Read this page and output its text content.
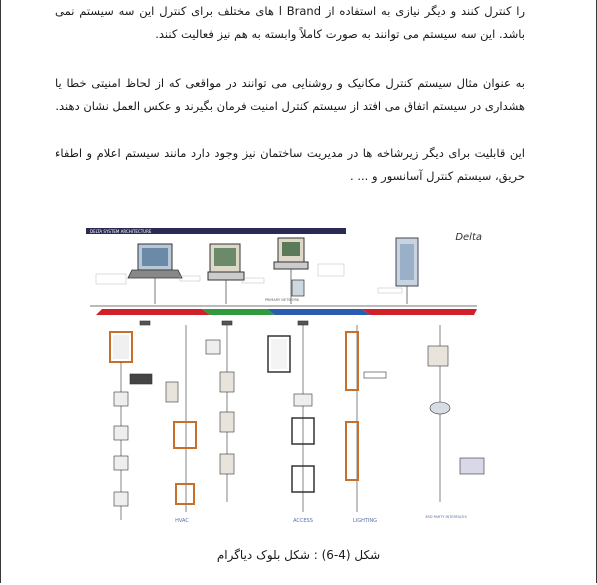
را کنترل کنند و دیگر نیازی به استفاده از l Brand های مختلف برای کنترل این سه سیستم نمی باشد. این سه سیستم می توانند به صورت کاملاً وابسته به هم نیز فعالیت کنند.
به عنوان مثال سیستم کنترل مکانیک و روشنایی می توانند در مواقعی که از لحاظ امنیتی خطا یا هشداری در سیستم اتفاق می افتد از سیستم کنترل امنیت فرمان بگیرند و عکس العمل نشان دهند.
این قابلیت برای دیگر زیرشاخه ها در مدیریت ساختمان نیز وجود دارد مانند سیستم اعلام و اطفاء حریق، سیستم کنترل آسانسور و ... .
DELTA SYSTEM ARCHITECTURE
Delta
PRIMARY NETWORK
HVAC	ACCESS	LIGHTING
3RD PARTY INTERFACES
شکل (4-6) : شکل بلوک دیاگرام
